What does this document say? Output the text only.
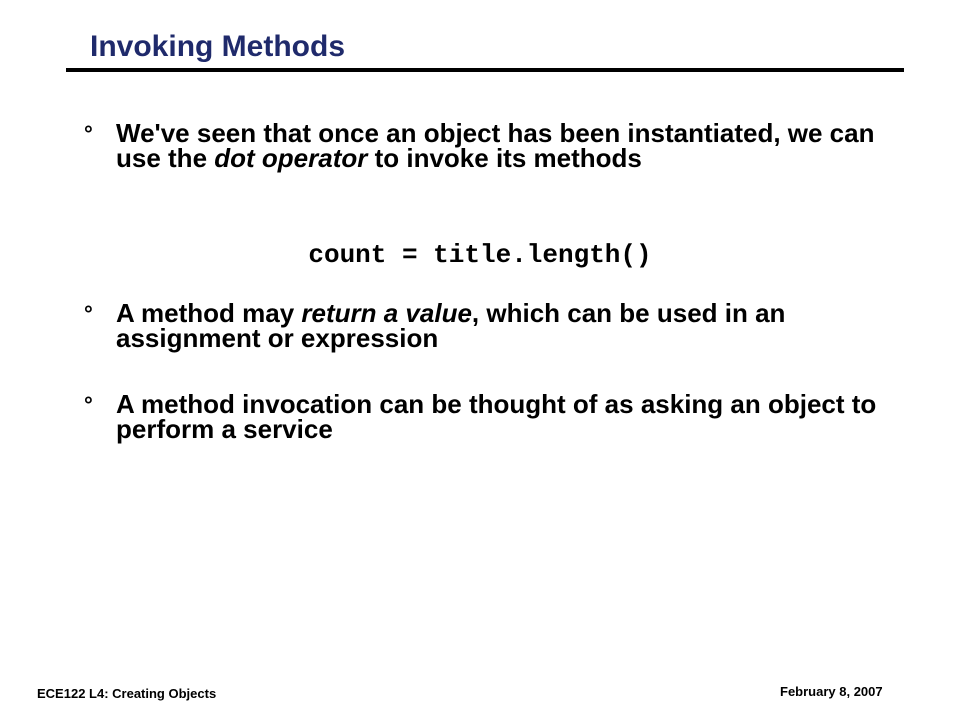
Invoking Methods
° We've seen that once an object has been instantiated, we can use the dot operator to invoke its methods
count = title.length()
° A method may return a value, which can be used in an assignment or expression
° A method invocation can be thought of as asking an object to perform a service
ECE122 L4: Creating Objects	February 8, 2007
